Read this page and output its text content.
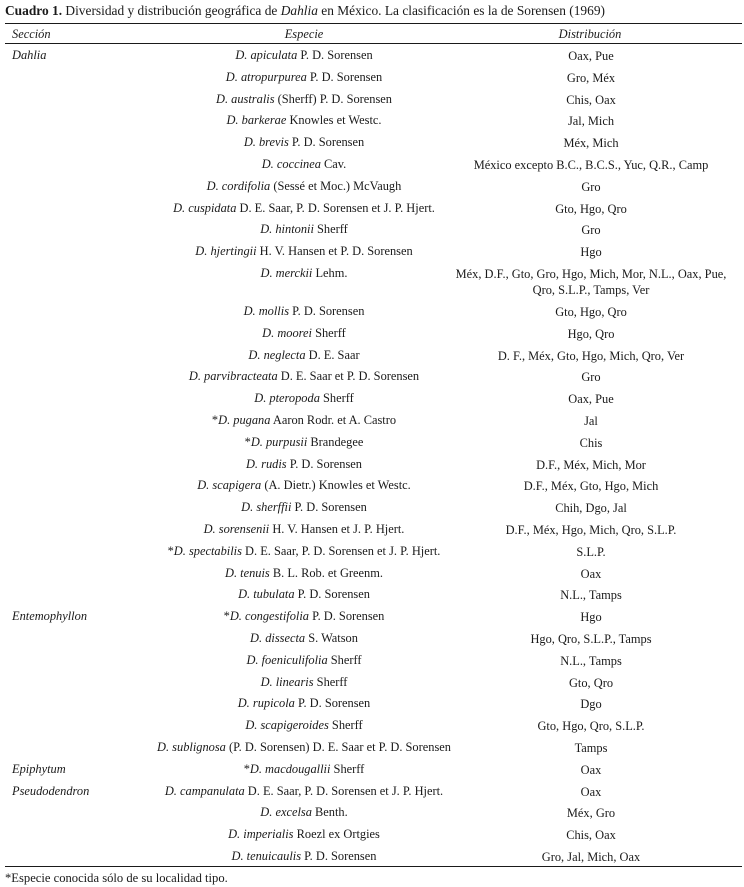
Cuadro 1. Diversidad y distribución geográfica de Dahlia en México. La clasificación es la de Sorensen (1969)
Sección	Especie	Distribución
Dahlia	D. apiculata P. D. Sorensen	Oax, Pue
D. atropurpurea P. D. Sorensen	Gro, Méx
D. australis (Sherff) P. D. Sorensen	Chis, Oax
D. barkerae Knowles et Westc.	Jal, Mich
D. brevis P. D. Sorensen	Méx, Mich
D. coccinea Cav.	México excepto B.C., B.C.S., Yuc, Q.R., Camp
D. cordifolia (Sessé et Moc.) McVaugh	Gro
D. cuspidata D. E. Saar, P. D. Sorensen et J. P. Hjert.	Gto, Hgo, Qro
D. hintonii Sherff	Gro
D. hjertingii H. V. Hansen et P. D. Sorensen	Hgo
D. merckii Lehm.	Méx, D.F., Gto, Gro, Hgo, Mich, Mor, N.L., Oax, Pue, Qro, S.L.P., Tamps, Ver
D. mollis P. D. Sorensen	Gto, Hgo, Qro
D. moorei Sherff	Hgo, Qro
D. neglecta D. E. Saar	D. F., Méx, Gto, Hgo, Mich, Qro, Ver
D. parvibracteata D. E. Saar et P. D. Sorensen	Gro
D. pteropoda Sherff	Oax, Pue
*D. pugana Aaron Rodr. et A. Castro	Jal
*D. purpusii Brandegee	Chis
D. rudis P. D. Sorensen	D.F., Méx, Mich, Mor
D. scapigera (A. Dietr.) Knowles et Westc.	D.F., Méx, Gto, Hgo, Mich
D. sherffii P. D. Sorensen	Chih, Dgo, Jal
D. sorensenii H. V. Hansen et J. P. Hjert.	D.F., Méx, Hgo, Mich, Qro, S.L.P.
*D. spectabilis D. E. Saar, P. D. Sorensen et J. P. Hjert.	S.L.P.
D. tenuis B. L. Rob. et Greenm.	Oax
D. tubulata P. D. Sorensen	N.L., Tamps
Entemophyllon	*D. congestifolia P. D. Sorensen	Hgo
D. dissecta S. Watson	Hgo, Qro, S.L.P., Tamps
D. foeniculifolia Sherff	N.L., Tamps
D. linearis Sherff	Gto, Qro
D. rupicola P. D. Sorensen	Dgo
D. scapigeroides Sherff	Gto, Hgo, Qro, S.L.P.
D. sublignosa (P. D. Sorensen) D. E. Saar et P. D. Sorensen	Tamps
Epiphytum	*D. macdougallii Sherff	Oax
Pseudodendron	D. campanulata D. E. Saar, P. D. Sorensen et J. P. Hjert.	Oax
D. excelsa Benth.	Méx, Gro
D. imperialis Roezl ex Ortgies	Chis, Oax
D. tenuicaulis P. D. Sorensen	Gro, Jal, Mich, Oax
*Especie conocida sólo de su localidad tipo.
